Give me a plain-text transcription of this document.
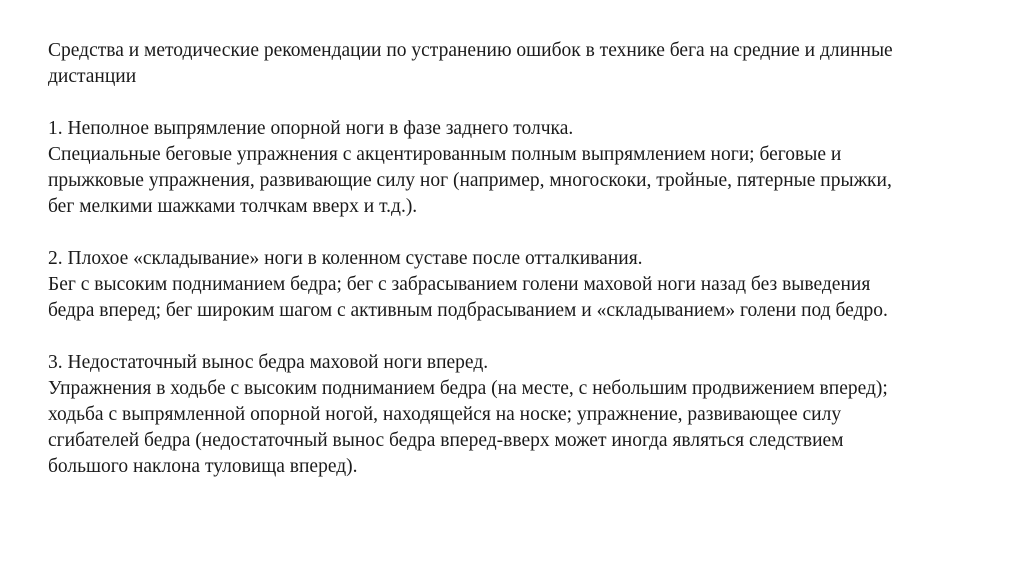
Средства и методические рекомендации по устранению ошибок в технике бега на средние и длинные

дистанции

1. Неполное выпрямление опорной ноги в фазе заднего толчка.

Специальные беговые упражнения с акцентированным полным выпрямлением ноги; беговые и

прыжковые упражнения, развивающие силу ног (например, многоскоки, тройные, пятерные прыжки,

бег мелкими шажками толчкам вверх и т.д.).

2. Плохое «складывание» ноги в коленном суставе после отталкивания.

Бег с высоким подниманием бедра; бег с забрасыванием голени маховой ноги назад без выведения

бедра вперед; бег широким шагом с активным подбрасыванием и «складыванием» голени под бедро.

3. Недостаточный вынос бедра маховой ноги вперед.

Упражнения в ходьбе с высоким подниманием бедра (на месте, с небольшим продвижением вперед);

ходьба с выпрямленной опорной ногой, находящейся на носке; упражнение, развивающее силу

сгибателей бедра (недостаточный вынос бедра вперед-вверх может иногда являться следствием

большого наклона туловища вперед).
